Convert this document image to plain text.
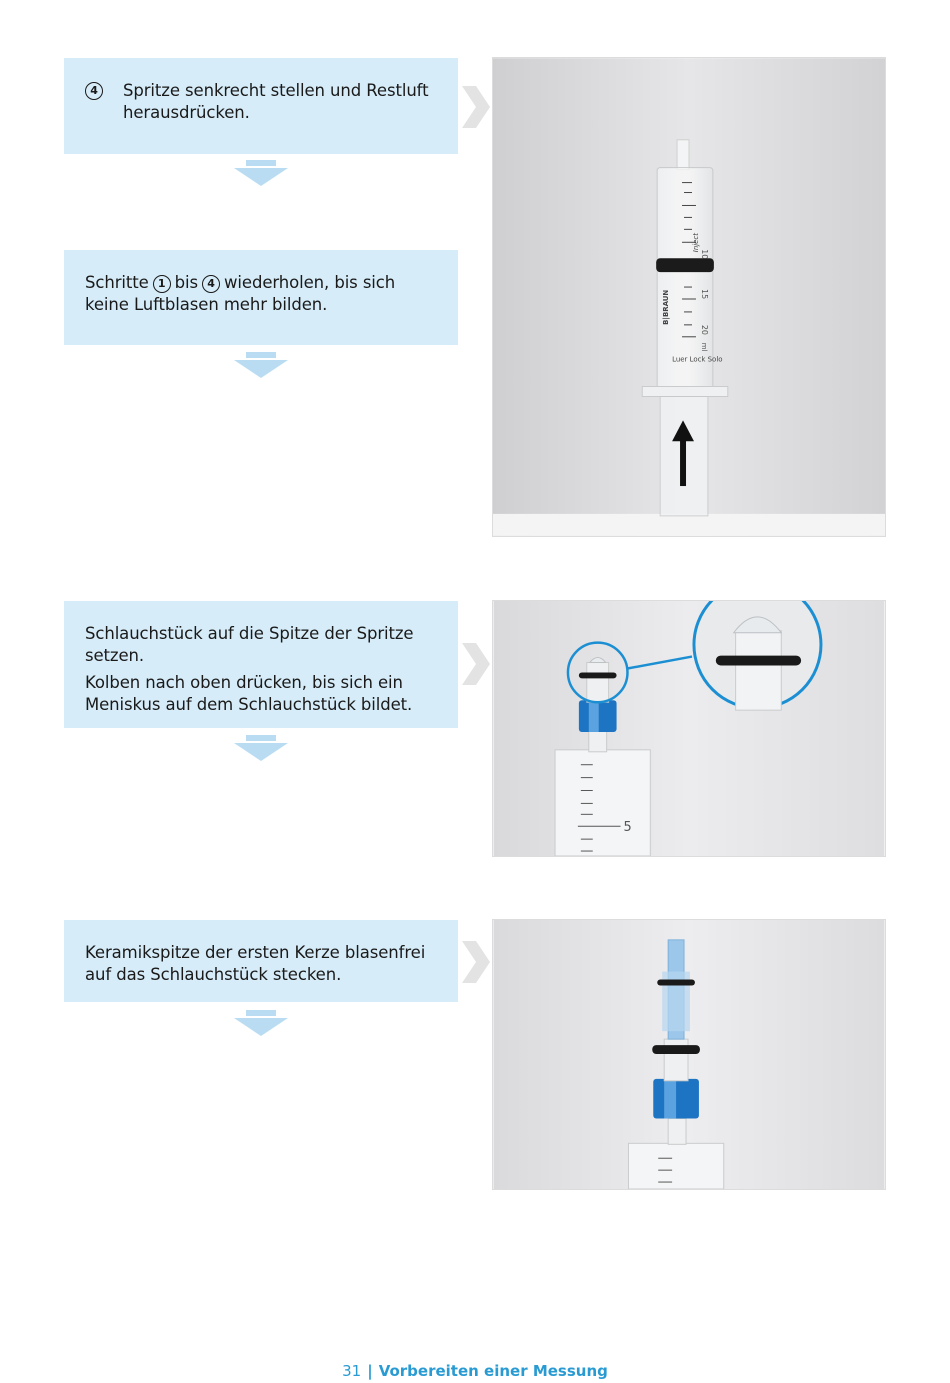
4	Spritze senkrecht stellen und Restluft herausdrücken.

Schritte 1 bis 4 wiederholen, bis sich keine Luftblasen mehr bilden.

Schlauchstück auf die Spitze der Spritze setzen.

Kolben nach oben drücken, bis sich ein Meniskus auf dem Schlauchstück bildet.

Keramikspitze der ersten Kerze blasenfrei auf das Schlauchstück stecken.

10
15
20
ml
B|BRAUN
Inject
Luer Lock Solo
5
31 | Vorbereiten einer Messung
